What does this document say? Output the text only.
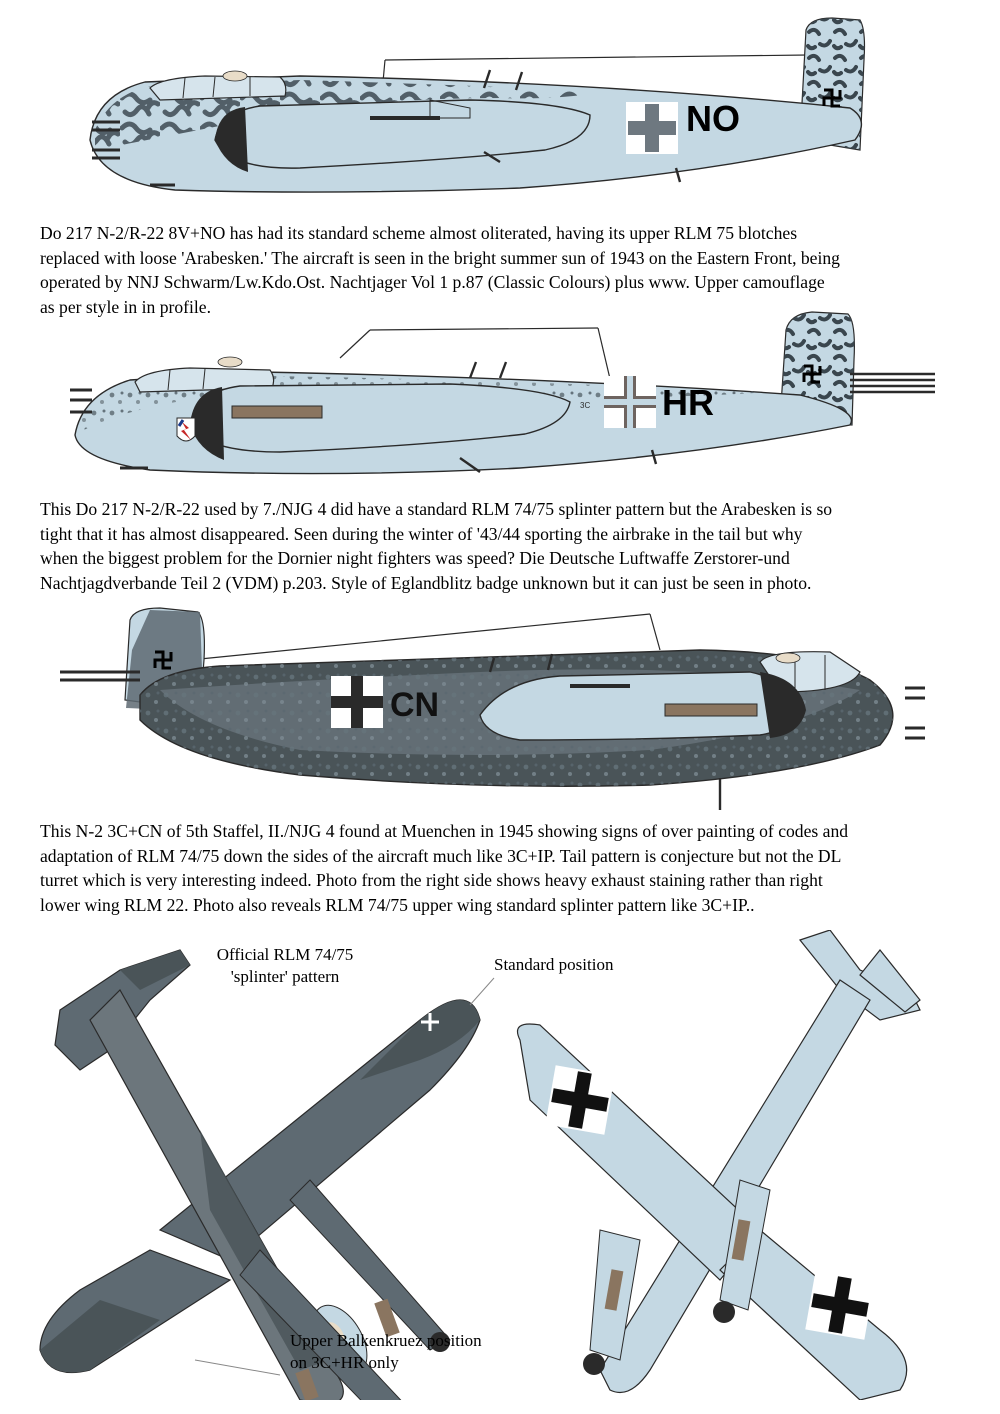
NO

Do 217 N-2/R-22 8V+NO has had its standard scheme almost oliterated, having its upper RLM 75 blotches
replaced with loose 'Arabesken.' The aircraft is seen in the bright summer sun of 1943 on the Eastern Front, being
operated by NNJ Schwarm/Lw.Kdo.Ost. Nachtjager Vol 1 p.87 (Classic Colours) plus www. Upper camouflage
as per style in in profile.

3C HR

This Do 217 N-2/R-22 used by 7./NJG 4 did have a standard RLM 74/75 splinter pattern but the Arabesken is so
tight that it has almost disappeared. Seen during the winter of '43/44 sporting the airbrake in the tail but why
when the biggest problem for the Dornier night fighters was speed? Die Deutsche Luftwaffe Zerstorer-und
Nachtjagdverbande Teil 2 (VDM) p.203. Style of Eglandblitz badge unknown but it can just be seen in photo.

CN

This N-2 3C+CN of 5th Staffel, II./NJG 4 found at Muenchen in 1945 showing signs of over painting of codes and
adaptation of RLM 74/75 down the sides of the aircraft much like 3C+IP. Tail pattern is conjecture but not the DL
turret which is very interesting indeed. Photo from the right side shows heavy exhaust staining rather than right
lower wing RLM 22. Photo also reveals RLM 74/75 upper wing standard splinter pattern like 3C+IP..

Official RLM 74/75
'splinter' pattern
Standard position
Upper Balkenkruez position
on 3C+HR only
